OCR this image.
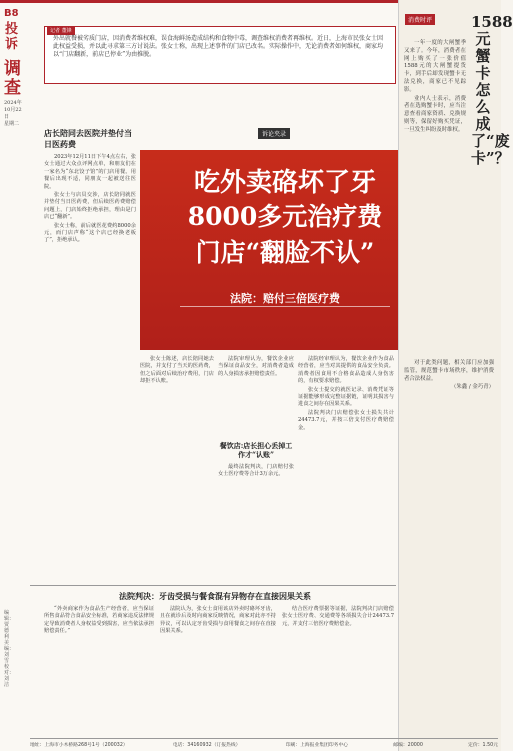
B8
投诉
调查
2024年10月22日
星期二
编辑：贾德利 美编：刘雪 校对：刘洁
记者 董锋
外出就餐被劣质门店，因消费者维权难，误食海鲜汤造成结构和食物中毒，调查维权消费者再维权。近日，上海市民张女士因此权益受损，并以此寻求第三方讨说法。张女士称，出现上述事件的门店已改名。实际操作中，无论消费者如何维权，商家均以“门店翻新，前店已停业”为由推脱。
店长陪同去医院并垫付当日医药费

2023年12月11日下午4点左右，张女士通过大众点评网点单，和朋友们在一家名为“东北饺子馆”的门店用餐。用餐后出现不适，同朋友一起被送往医院。

张女士与店员交涉，店长陪同就医并垫付当日医药费，但后续医药费赔偿问题上，门店始终拒绝承担，理由是门店已“翻新”。

张女士称，前后就医花费约8000余元，而门店声称“这个店已经换老板了”，拒绝承认。

诉论夹录
吃外卖硌坏了牙
8000多元治疗费
门店“翻脸不认”
法院：赔付三倍医疗费

张女士陈述，店长陪同她去医院，并支付了当天的医药费，但之后面对后续治疗费用，门店却拒不认账。

餐饮店:店长担心丢掉工作才“认账”

法院审理认为，餐饮企业应当保证食品安全，对消费者造成的人身损害承担赔偿责任。

最终法院判决，门店赔付张女士医疗费等合计3万余元。

法院经审理认为，餐饮企业作为食品经营者，应当对其提供的食品安全负责。消费者因食用不合格食品造成人身伤害的，有权要求赔偿。

张女士提交的就医记录、消费凭证等证据能够形成完整证据链，证明其损害与进食之间存在因果关系。

法院判决门店赔偿张女士损失共计24473.7元，并按三倍支付医疗费赔偿金。

法院判决：牙齿受损与餐食混有异物存在直接因果关系

“外卖商家作为食品生产经营者，应当保证所售食品符合食品安全标准，若商家违反法律规定导致消费者人身权益受到损害，应当依法承担赔偿责任。”

法院认为，张女士食用该店外卖时硌坏牙齿，且在就诊后及时向商家反映情况，商家对此亦不持异议，可以认定牙齿受损与食用餐食之间存在直接因果关系。

结合医疗费票据等证据，法院判决门店赔偿张女士医疗费、交通费等各项损失合计24473.7元，并支付三倍医疗费赔偿金。

消费时评	1588元蟹卡怎么成了“废卡”？

一年一度的大闸蟹季又来了。今年，消费者在网上购买了一张价值1588元的大闸蟹提货卡，到手后却发现蟹卡无法兑换，商家已不见踪影。

业内人士表示，消费者在选购蟹卡时，应当注意查看商家资质、兑换规则等，保留好购买凭证，一旦发生纠纷及时维权。

对于此类问题，相关部门应加强监管，规范蟹卡市场秩序，维护消费者合法权益。

（朱鑫 / 金巧青）

地址：上海市小木桥路268号1号（200032）	电话：34160932（订报热线）	印刷：上海报业集团印务中心	邮编：20000	定价：1.50元
